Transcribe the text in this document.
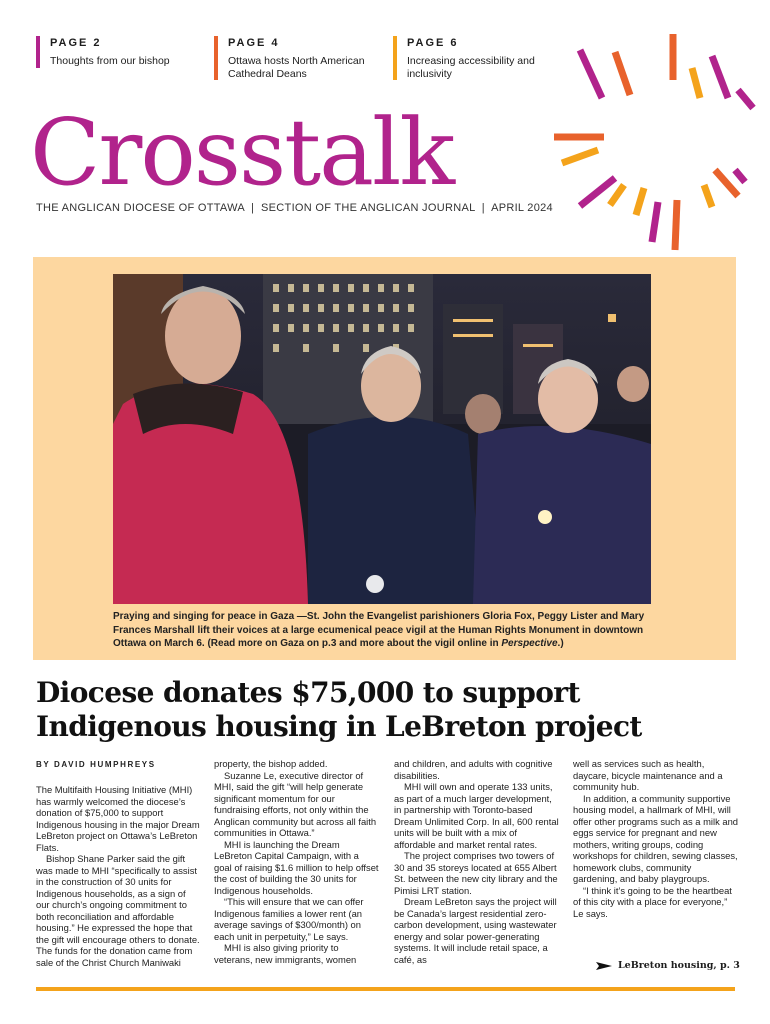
PAGE 2
Thoughts from our bishop
PAGE 4
Ottawa hosts North American Cathedral Deans
PAGE 6
Increasing accessibility and inclusivity
Crosstalk
THE ANGLICAN DIOCESE OF OTTAWA  |  SECTION OF THE ANGLICAN JOURNAL  |  APRIL 2024
Praying and singing for peace in Gaza —St. John the Evangelist parishioners Gloria Fox, Peggy Lister and Mary Frances Marshall lift their voices at a large ecumenical peace vigil at the Human Rights Monument in downtown Ottawa on March 6. (Read more on Gaza on p.3 and more about the vigil online in Perspective.)
Diocese donates $75,000 to support Indigenous housing in LeBreton project
BY DAVID HUMPHREYS

The Multifaith Housing Initiative (MHI) has warmly welcomed the diocese’s donation of $75,000 to support Indigenous housing in the major Dream LeBreton project on Ottawa’s LeBreton Flats.

Bishop Shane Parker said the gift was made to MHI “specifically to assist in the construction of 30 units for Indigenous households, as a sign of our church’s ongoing commitment to both reconciliation and affordable housing.” He expressed the hope that the gift will encourage others to donate. The funds for the donation came from sale of the Christ Church Maniwaki

property, the bishop added.

Suzanne Le, executive director of MHI, said the gift “will help generate significant momentum for our fundraising efforts, not only within the Anglican community but across all faith communities in Ottawa.”

MHI is launching the Dream LeBreton Capital Campaign, with a goal of raising $1.6 million to help offset the cost of building the 30 units for Indigenous households.

“This will ensure that we can offer Indigenous families a lower rent (an average savings of $300/month) on each unit in perpetuity,” Le says.

MHI is also giving priority to veterans, new immigrants, women

and children, and adults with cognitive disabilities.

MHI will own and operate 133 units, as part of a much larger development, in partnership with Toronto-based Dream Unlimited Corp. In all, 600 rental units will be built with a mix of affordable and market rental rates.

The project comprises two towers of 30 and 35 storeys located at 655 Albert St. between the new city library and the Pimisi LRT station.

Dream LeBreton says the project will be Canada’s largest residential zero-carbon development, using wastewater energy and solar power-generating systems. It will include retail space, a café, as

well as services such as health, daycare, bicycle maintenance and a community hub.

In addition, a community supportive housing model, a hallmark of MHI, will offer other programs such as a milk and eggs service for pregnant and new mothers, writing groups, coding workshops for children, sewing classes, homework clubs, community gardening, and baby playgroups.

“I think it’s going to be the heartbeat of this city with a place for everyone,” Le says.

LeBreton housing, p. 3
